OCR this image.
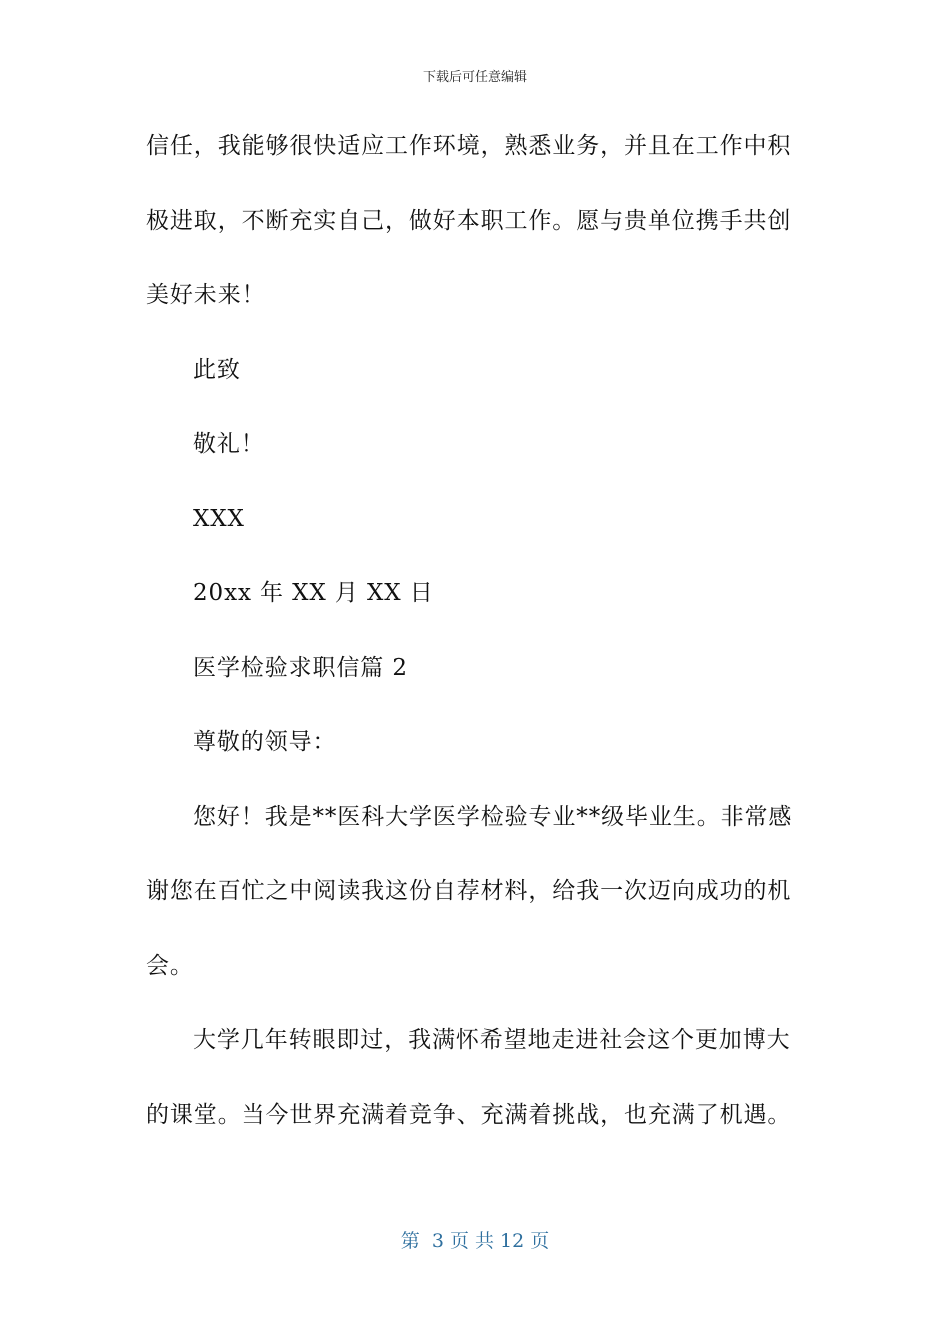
下载后可任意编辑
信任，我能够很快适应工作环境，熟悉业务，并且在工作中积
极进取，不断充实自己，做好本职工作。愿与贵单位携手共创
美好未来！
此致
敬礼！
XXX
20xx 年 XX 月 XX 日
医学检验求职信篇 2
尊敬的领导：
您好！我是**医科大学医学检验专业**级毕业生。非常感
谢您在百忙之中阅读我这份自荐材料，给我一次迈向成功的机
会。
大学几年转眼即过，我满怀希望地走进社会这个更加博大
的课堂。当今世界充满着竞争、充满着挑战，也充满了机遇。
第  3 页 共 12 页
